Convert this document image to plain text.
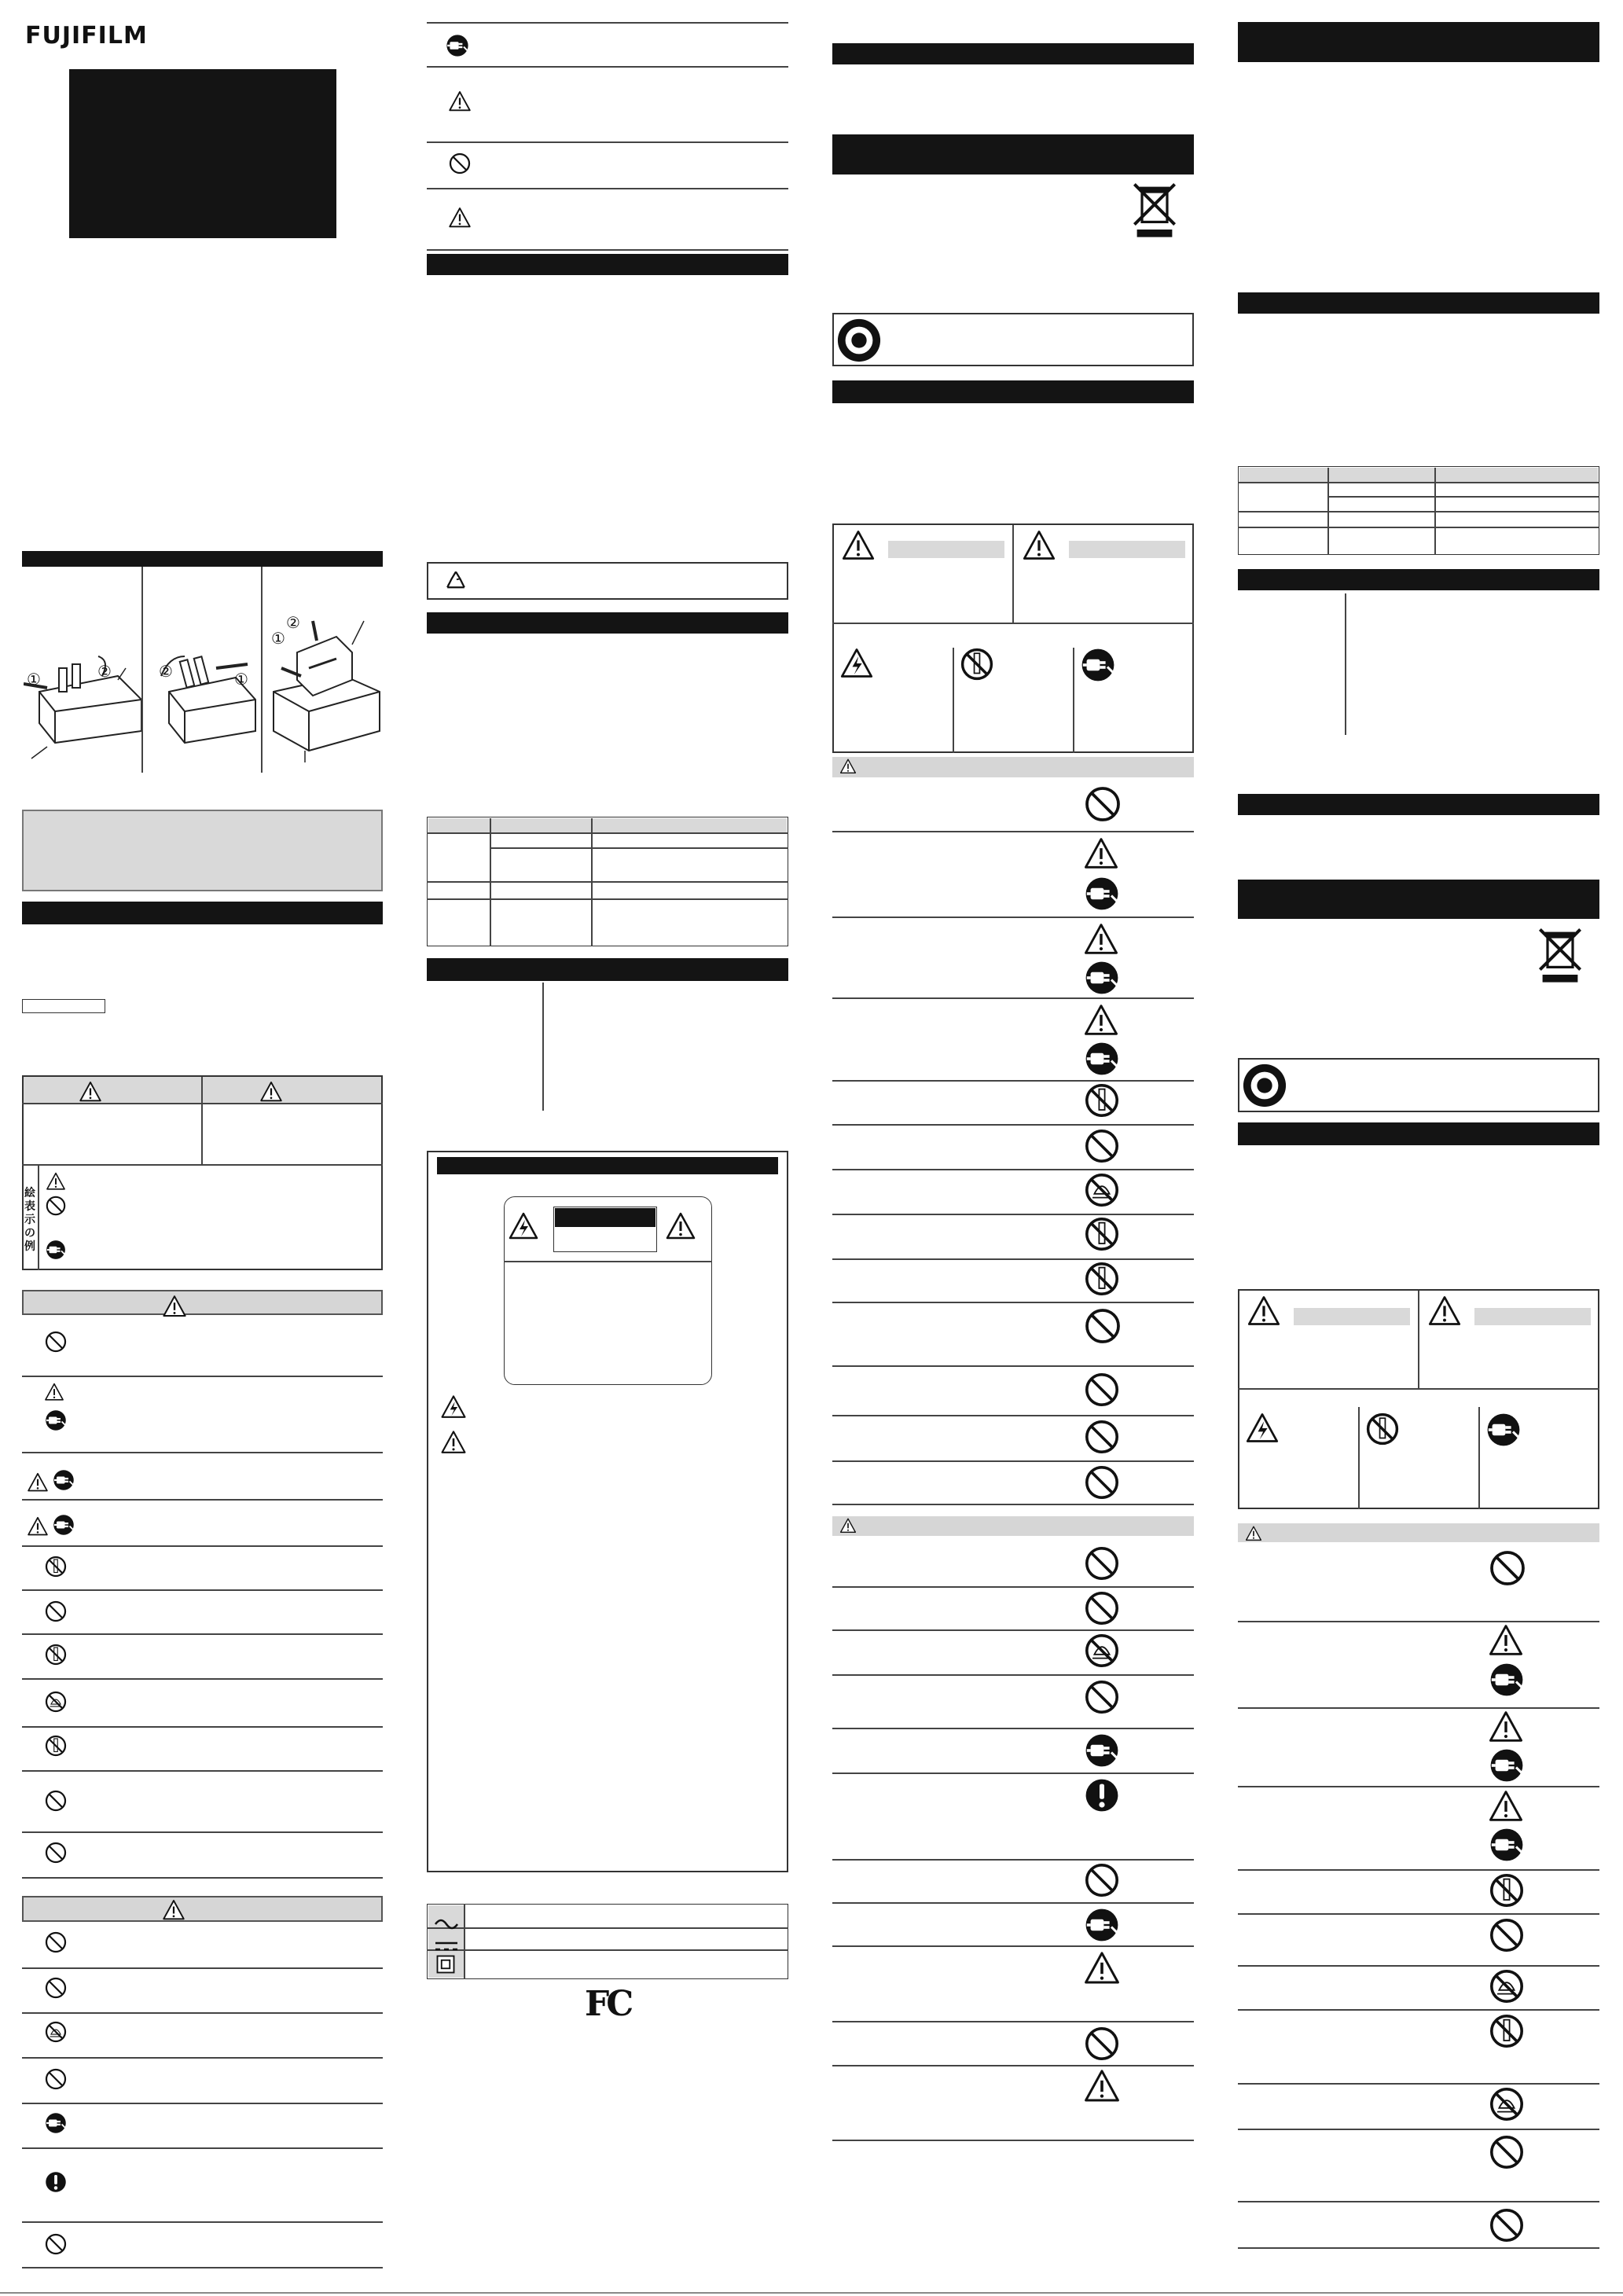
FUJIFILM
①	②	②	①
①
②
絵表示の例
FC
